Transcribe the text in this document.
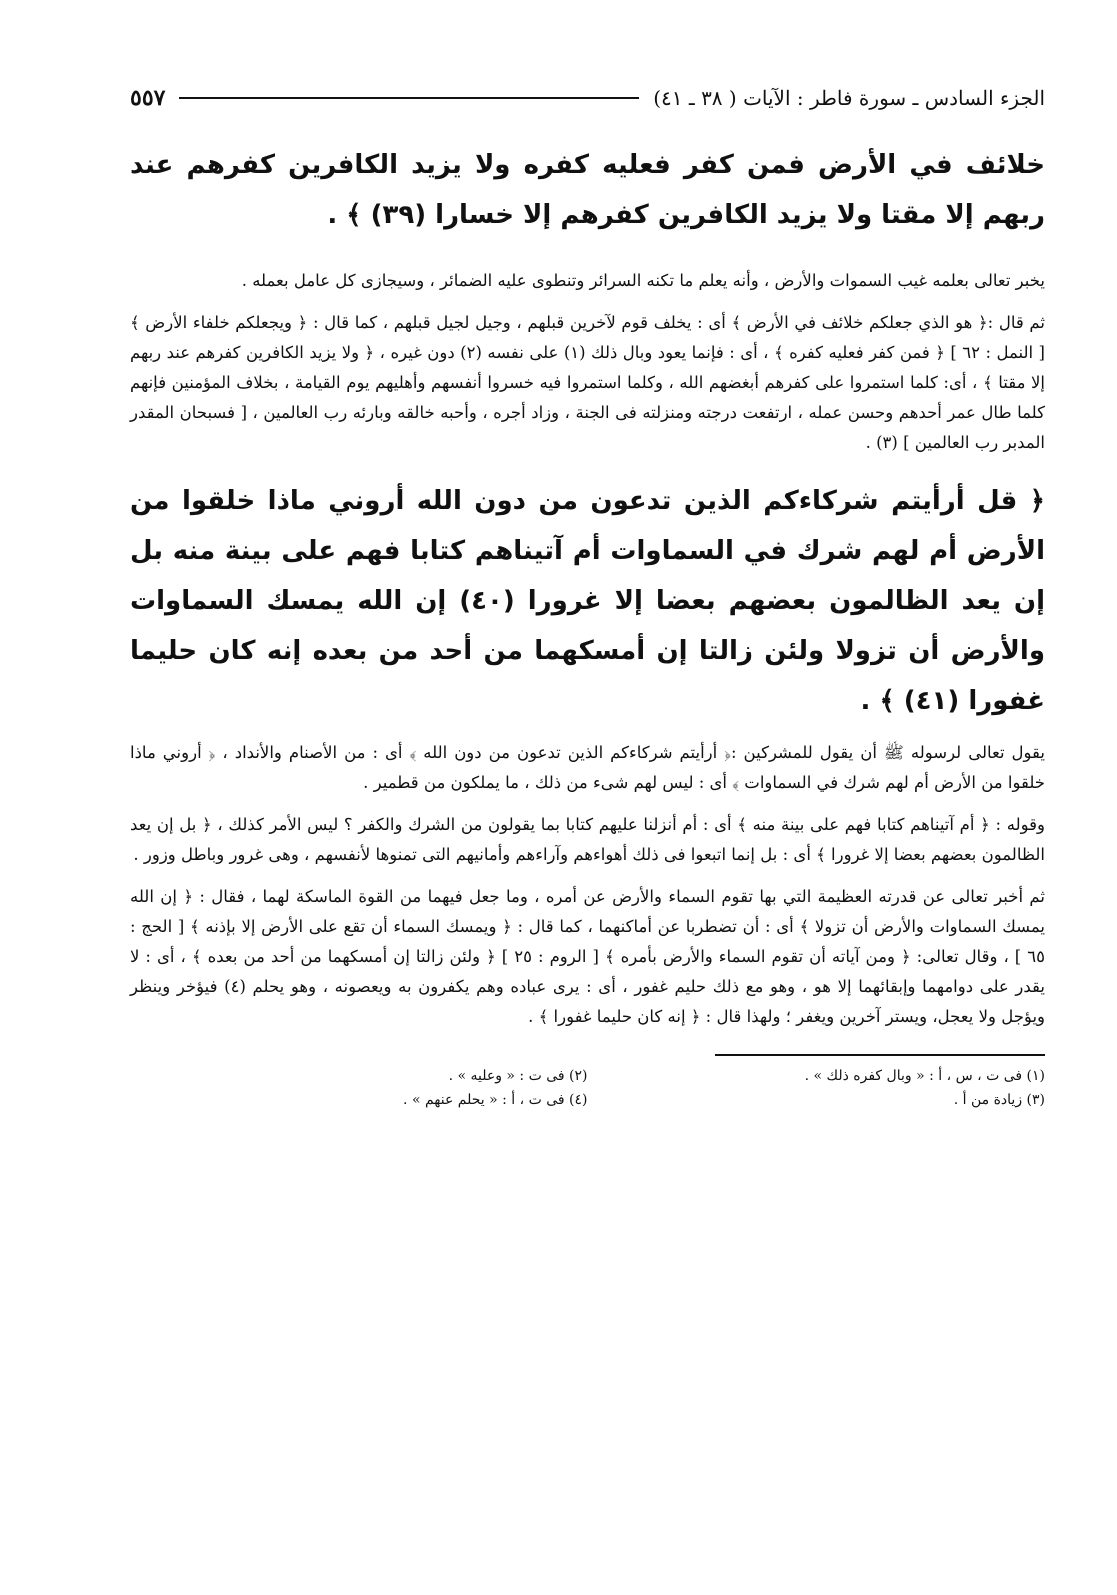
الجزء السادس ـ سورة فاطر : الآيات ( ٣٨ ـ ٤١)
٥٥٧

خلائف في الأرض فمن كفر فعليه كفره ولا يزيد الكافرين كفرهم عند ربهم إلا مقتا ولا يزيد الكافرين كفرهم إلا خسارا (٣٩) ﴾ .

يخبر تعالى بعلمه غيب السموات والأرض ، وأنه يعلم ما تكنه السرائر وتنطوى عليه الضمائر ، وسيجازى كل عامل بعمله .

ثم قال :﴿ هو الذي جعلكم خلائف في الأرض ﴾ أى : يخلف قوم لآخرين قبلهم ، وجيل لجيل قبلهم ، كما قال : ﴿ ويجعلكم خلفاء الأرض ﴾ [ النمل : ٦٢ ] ﴿ فمن كفر فعليه كفره ﴾ ، أى : فإنما يعود وبال ذلك (١) على نفسه (٢) دون غيره ، ﴿ ولا يزيد الكافرين كفرهم عند ربهم إلا مقتا ﴾ ، أى: كلما استمروا على كفرهم أبغضهم الله ، وكلما استمروا فيه خسروا أنفسهم وأهليهم يوم القيامة ، بخلاف المؤمنين فإنهم كلما طال عمر أحدهم وحسن عمله ، ارتفعت درجته ومنزلته فى الجنة ، وزاد أجره ، وأحبه خالقه وبارئه رب العالمين ، [ فسبحان المقدر المدبر رب العالمين ] (٣) .

﴿ قل أرأيتم شركاءكم الذين تدعون من دون الله أروني ماذا خلقوا من الأرض أم لهم شرك في السماوات أم آتيناهم كتابا فهم على بينة منه بل إن يعد الظالمون بعضهم بعضا إلا غرورا (٤٠) إن الله يمسك السماوات والأرض أن تزولا ولئن زالتا إن أمسكهما من أحد من بعده إنه كان حليما غفورا (٤١) ﴾ .

يقول تعالى لرسوله ﷺ أن يقول للمشركين :﴿ أرأيتم شركاءكم الذين تدعون من دون الله ﴾ أى : من الأصنام والأنداد ، ﴿ أروني ماذا خلقوا من الأرض أم لهم شرك في السماوات ﴾ أى : ليس لهم شىء من ذلك ، ما يملكون من قطمير .

وقوله : ﴿ أم آتيناهم كتابا فهم على بينة منه ﴾ أى : أم أنزلنا عليهم كتابا بما يقولون من الشرك والكفر ؟ ليس الأمر كذلك ، ﴿ بل إن يعد الظالمون بعضهم بعضا إلا غرورا ﴾ أى : بل إنما اتبعوا فى ذلك أهواءهم وآراءهم وأمانيهم التى تمنوها لأنفسهم ، وهى غرور وباطل وزور .

ثم أخبر تعالى عن قدرته العظيمة التي بها تقوم السماء والأرض عن أمره ، وما جعل فيهما من القوة الماسكة لهما ، فقال : ﴿ إن الله يمسك السماوات والأرض أن تزولا ﴾ أى : أن تضطربا عن أماكنهما ، كما قال : ﴿ ويمسك السماء أن تقع على الأرض إلا بإذنه ﴾ [ الحج : ٦٥ ] ، وقال تعالى: ﴿ ومن آياته أن تقوم السماء والأرض بأمره ﴾ [ الروم : ٢٥ ] ﴿ ولئن زالتا إن أمسكهما من أحد من بعده ﴾ ، أى : لا يقدر على دوامهما وإبقائهما إلا هو ، وهو مع ذلك حليم غفور ، أى : يرى عباده وهم يكفرون به ويعصونه ، وهو يحلم (٤) فيؤخر وينظر ويؤجل ولا يعجل، ويستر آخرين ويغفر ؛ ولهذا قال : ﴿ إنه كان حليما غفورا ﴾ .

(١) فى ت ، س ، أ : « وبال كفره ذلك » .
(٢) فى ت : « وعليه » .
(٣) زيادة من أ .
(٤) فى ت ، أ : « يحلم عنهم » .
